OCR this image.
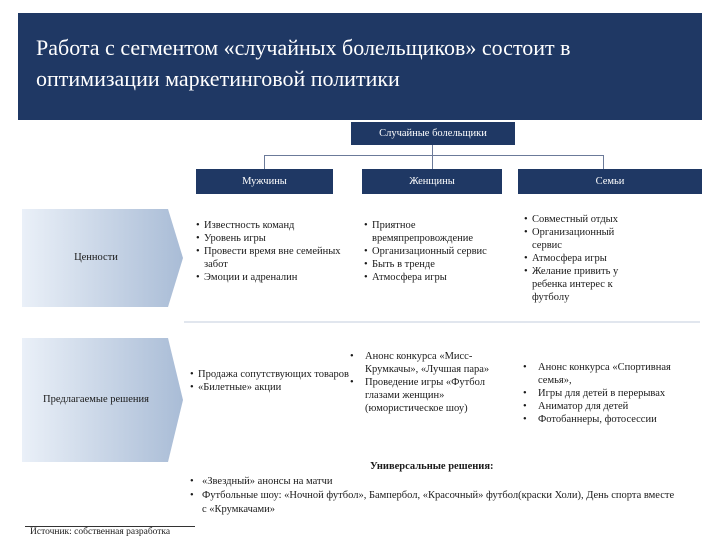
Работа с сегментом «случайных болельщиков» состоит в оптимизации маркетинговой политики
Случайные болельщики
Мужчины	Женщины	Семьи
Ценности
Предлагаемые решения
• Известность команд
• Уровень игры
• Провести время вне семейных забот
• Эмоции и адреналин
• Приятное времяпрепровождение
• Организационный сервис
• Быть в тренде
• Атмосфера игры
• Совместный отдых
• Организационный сервис
• Атмосфера игры
• Желание привить у ребенка интерес к футболу
• Продажа сопутствующих товаров
• «Билетные» акции
• Анонс конкурса «Мисс-Крумкачы», «Лучшая пара»
• Проведение игры «Футбол глазами женщин» (юмористическое шоу)
• Анонс конкурса «Спортивная семья»,
• Игры для детей в перерывах
• Аниматор для детей
• Фотобаннеры, фотосессии
Универсальные решения:
• «Звездный» анонсы на матчи
• Футбольные шоу: «Ночной футбол», Бампербол, «Красочный» футбол(краски Холи), День спорта вместе с «Крумкачами»
Источник: собственная разработка
